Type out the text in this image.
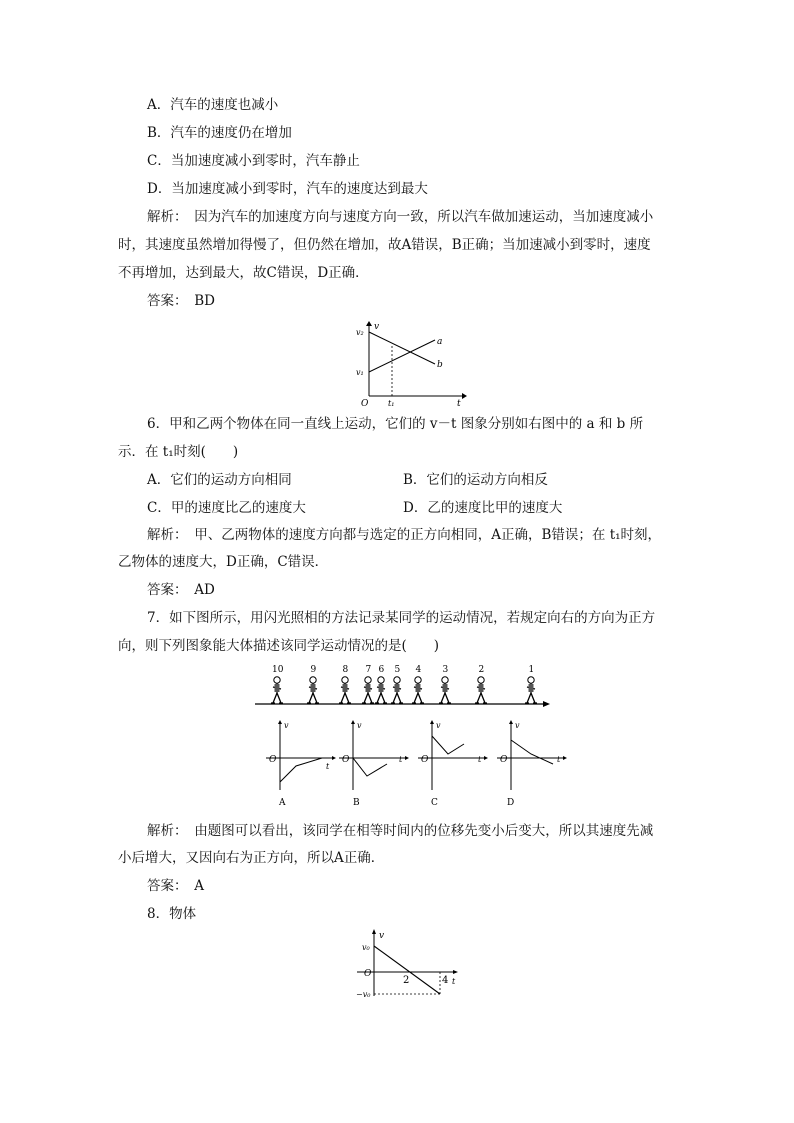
A．汽车的速度也减小
B．汽车的速度仍在增加
C．当加速度减小到零时，汽车静止
D．当加速度减小到零时，汽车的速度达到最大
解析：　因为汽车的加速度方向与速度方向一致，所以汽车做加速运动，当加速度减小
时，其速度虽然增加得慢了，但仍然在增加，故A错误，B正确；当加速减小到零时，速度
不再增加，达到最大，故C错误，D正确．
答案：　BD
v
v₂
v₁
O t₁	t
a
b
6．甲和乙两个物体在同一直线上运动，它们的 v－t 图象分别如右图中的 a 和 b 所
示．在 t₁时刻(　　)
A．它们的运动方向相同	B．它们的运动方向相反
C．甲的速度比乙的速度大	D．乙的速度比甲的速度大
解析：　甲、乙两物体的速度方向都与选定的正方向相同，A正确，B错误；在 t₁时刻，
乙物体的速度大，D正确，C错误．
答案：　AD
7．如下图所示，用闪光照相的方法记录某同学的运动情况，若规定向右的方向为正方
向，则下列图象能大体描述该同学运动情况的是(　　)
10	9	8 7 6 5 4 3	2	1
v
O
t
A
v
O	t
B
v
O	t
C
v
O	t
D
解析：　由题图可以看出，该同学在相等时间内的位移先变小后变大，所以其速度先减
小后增大，又因向右为正方向，所以A正确．
答案：　A
8．物体
v
v₀
O
2	4 t
−v₀
